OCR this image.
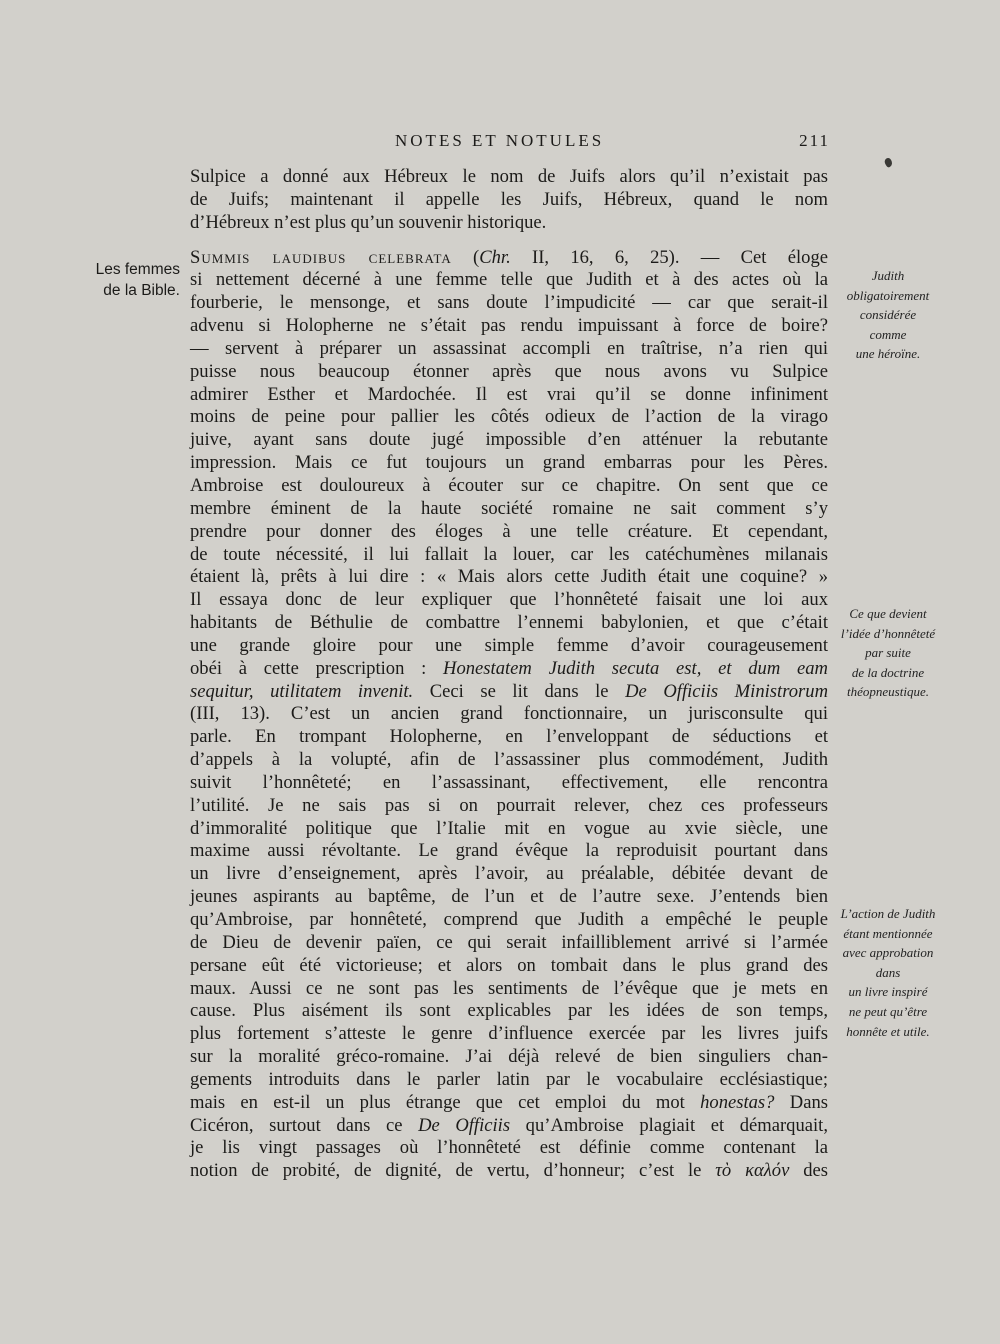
NOTES ET NOTULES	211
Les femmes
de la Bible.
Judith
obligatoirement
considérée
comme
une héroïne.
Ce que devient
l’idée d’honnêteté
par suite
de la doctrine
théopneustique.
L’action de Judith
étant mentionnée
avec approbation
dans
un livre inspiré
ne peut qu’être
honnête et utile.
Sulpice a donné aux Hébreux le nom de Juifs alors qu’il n’existait pas
de Juifs; maintenant il appelle les Juifs, Hébreux, quand le nom
d’Hébreux n’est plus qu’un souvenir historique.
Summis laudibus celebrata (Chr. II, 16, 6, 25). — Cet éloge
si nettement décerné à une femme telle que Judith et à des actes où la
fourberie, le mensonge, et sans doute l’impudicité — car que serait-il
advenu si Holopherne ne s’était pas rendu impuissant à force de boire?
— servent à préparer un assassinat accompli en traîtrise, n’a rien qui
puisse nous beaucoup étonner après que nous avons vu Sulpice
admirer Esther et Mardochée. Il est vrai qu’il se donne infiniment
moins de peine pour pallier les côtés odieux de l’action de la virago
juive, ayant sans doute jugé impossible d’en atténuer la rebutante
impression. Mais ce fut toujours un grand embarras pour les Pères.
Ambroise est douloureux à écouter sur ce chapitre. On sent que ce
membre éminent de la haute société romaine ne sait comment s’y
prendre pour donner des éloges à une telle créature. Et cependant,
de toute nécessité, il lui fallait la louer, car les catéchumènes milanais
étaient là, prêts à lui dire : « Mais alors cette Judith était une coquine? »
Il essaya donc de leur expliquer que l’honnêteté faisait une loi aux
habitants de Béthulie de combattre l’ennemi babylonien, et que c’était
une grande gloire pour une simple femme d’avoir courageusement
obéi à cette prescription : Honestatem Judith secuta est, et dum eam
sequitur, utilitatem invenit. Ceci se lit dans le De Officiis Ministrorum
(III, 13). C’est un ancien grand fonctionnaire, un jurisconsulte qui
parle. En trompant Holopherne, en l’enveloppant de séductions et
d’appels à la volupté, afin de l’assassiner plus commodément, Judith
suivit l’honnêteté; en l’assassinant, effectivement, elle rencontra
l’utilité. Je ne sais pas si on pourrait relever, chez ces professeurs
d’immoralité politique que l’Italie mit en vogue au xvie siècle, une
maxime aussi révoltante. Le grand évêque la reproduisit pourtant dans
un livre d’enseignement, après l’avoir, au préalable, débitée devant de
jeunes aspirants au baptême, de l’un et de l’autre sexe. J’entends bien
qu’Ambroise, par honnêteté, comprend que Judith a empêché le peuple
de Dieu de devenir païen, ce qui serait infailliblement arrivé si l’armée
persane eût été victorieuse; et alors on tombait dans le plus grand des
maux. Aussi ce ne sont pas les sentiments de l’évêque que je mets en
cause. Plus aisément ils sont explicables par les idées de son temps,
plus fortement s’atteste le genre d’influence exercée par les livres juifs
sur la moralité gréco-romaine. J’ai déjà relevé de bien singuliers chan-
gements introduits dans le parler latin par le vocabulaire ecclésiastique;
mais en est-il un plus étrange que cet emploi du mot honestas? Dans
Cicéron, surtout dans ce De Officiis qu’Ambroise plagiait et démarquait,
je lis vingt passages où l’honnêteté est définie comme contenant la
notion de probité, de dignité, de vertu, d’honneur; c’est le τὸ καλόν des
